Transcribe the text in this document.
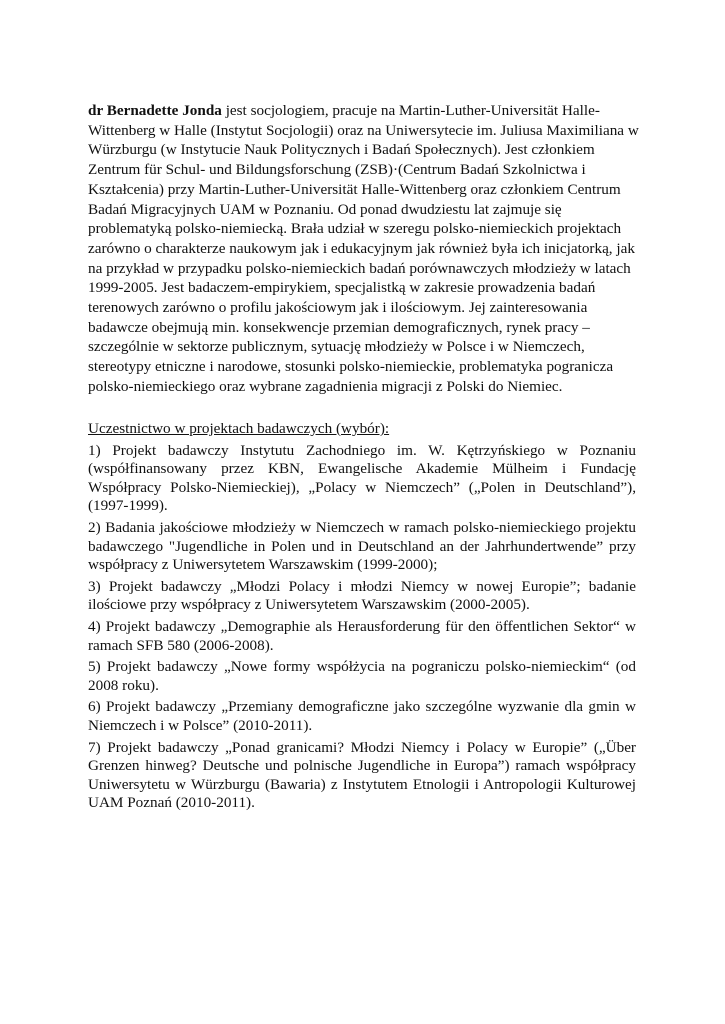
dr Bernadette Jonda jest socjologiem, pracuje na Martin-Luther-Universität Halle-Wittenberg w Halle (Instytut Socjologii) oraz na Uniwersytecie im. Juliusa Maximiliana w Würzburgu (w Instytucie Nauk Politycznych i Badań Społecznych). Jest członkiem Zentrum für Schul- und Bildungsforschung (ZSB)·(Centrum Badań Szkolnictwa i Kształcenia) przy Martin-Luther-Universität Halle-Wittenberg oraz członkiem Centrum Badań Migracyjnych UAM w Poznaniu. Od ponad dwudziestu lat zajmuje się problematyką polsko-niemiecką. Brała udział w szeregu polsko-niemieckich projektach zarówno o charakterze naukowym jak i edukacyjnym jak również była ich inicjatorką, jak na przykład w przypadku polsko-niemieckich badań porównawczych młodzieży w latach 1999-2005. Jest badaczem-empirykiem, specjalistką w zakresie prowadzenia badań terenowych zarówno o profilu jakościowym jak i ilościowym. Jej zainteresowania badawcze obejmują min. konsekwencje przemian demograficznych, rynek pracy – szczególnie w sektorze publicznym, sytuację młodzieży w Polsce i w Niemczech, stereotypy etniczne i narodowe, stosunki polsko-niemieckie, problematyka pogranicza polsko-niemieckiego oraz wybrane zagadnienia migracji z Polski do Niemiec.

Uczestnictwo w projektach badawczych (wybór):

1) Projekt badawczy Instytutu Zachodniego im. W. Kętrzyńskiego w Poznaniu (współfinansowany przez KBN, Ewangelische Akademie Mülheim i Fundację Współpracy Polsko-Niemieckiej), „Polacy w Niemczech” („Polen in Deutschland”), (1997-1999).

2) Badania jakościowe młodzieży w Niemczech w ramach polsko-niemieckiego projektu badawczego "Jugendliche in Polen und in Deutschland an der Jahrhundertwende” przy współpracy z Uniwersytetem Warszawskim (1999-2000);

3) Projekt badawczy „Młodzi Polacy i młodzi Niemcy w nowej Europie”; badanie ilościowe przy współpracy z Uniwersytetem Warszawskim (2000-2005).

4) Projekt badawczy „Demographie als Herausforderung für den öffentlichen Sektor“ w ramach SFB 580 (2006-2008).

5) Projekt badawczy „Nowe formy współżycia na pograniczu polsko-niemieckim“ (od 2008 roku).

6) Projekt badawczy „Przemiany demograficzne jako szczególne wyzwanie dla gmin w Niemczech i w Polsce” (2010-2011).

7) Projekt badawczy „Ponad granicami? Młodzi Niemcy i Polacy w Europie” („Über Grenzen hinweg? Deutsche und polnische Jugendliche in Europa”) ramach współpracy Uniwersytetu w Würzburgu (Bawaria) z Instytutem Etnologii i Antropologii Kulturowej UAM Poznań (2010-2011).
